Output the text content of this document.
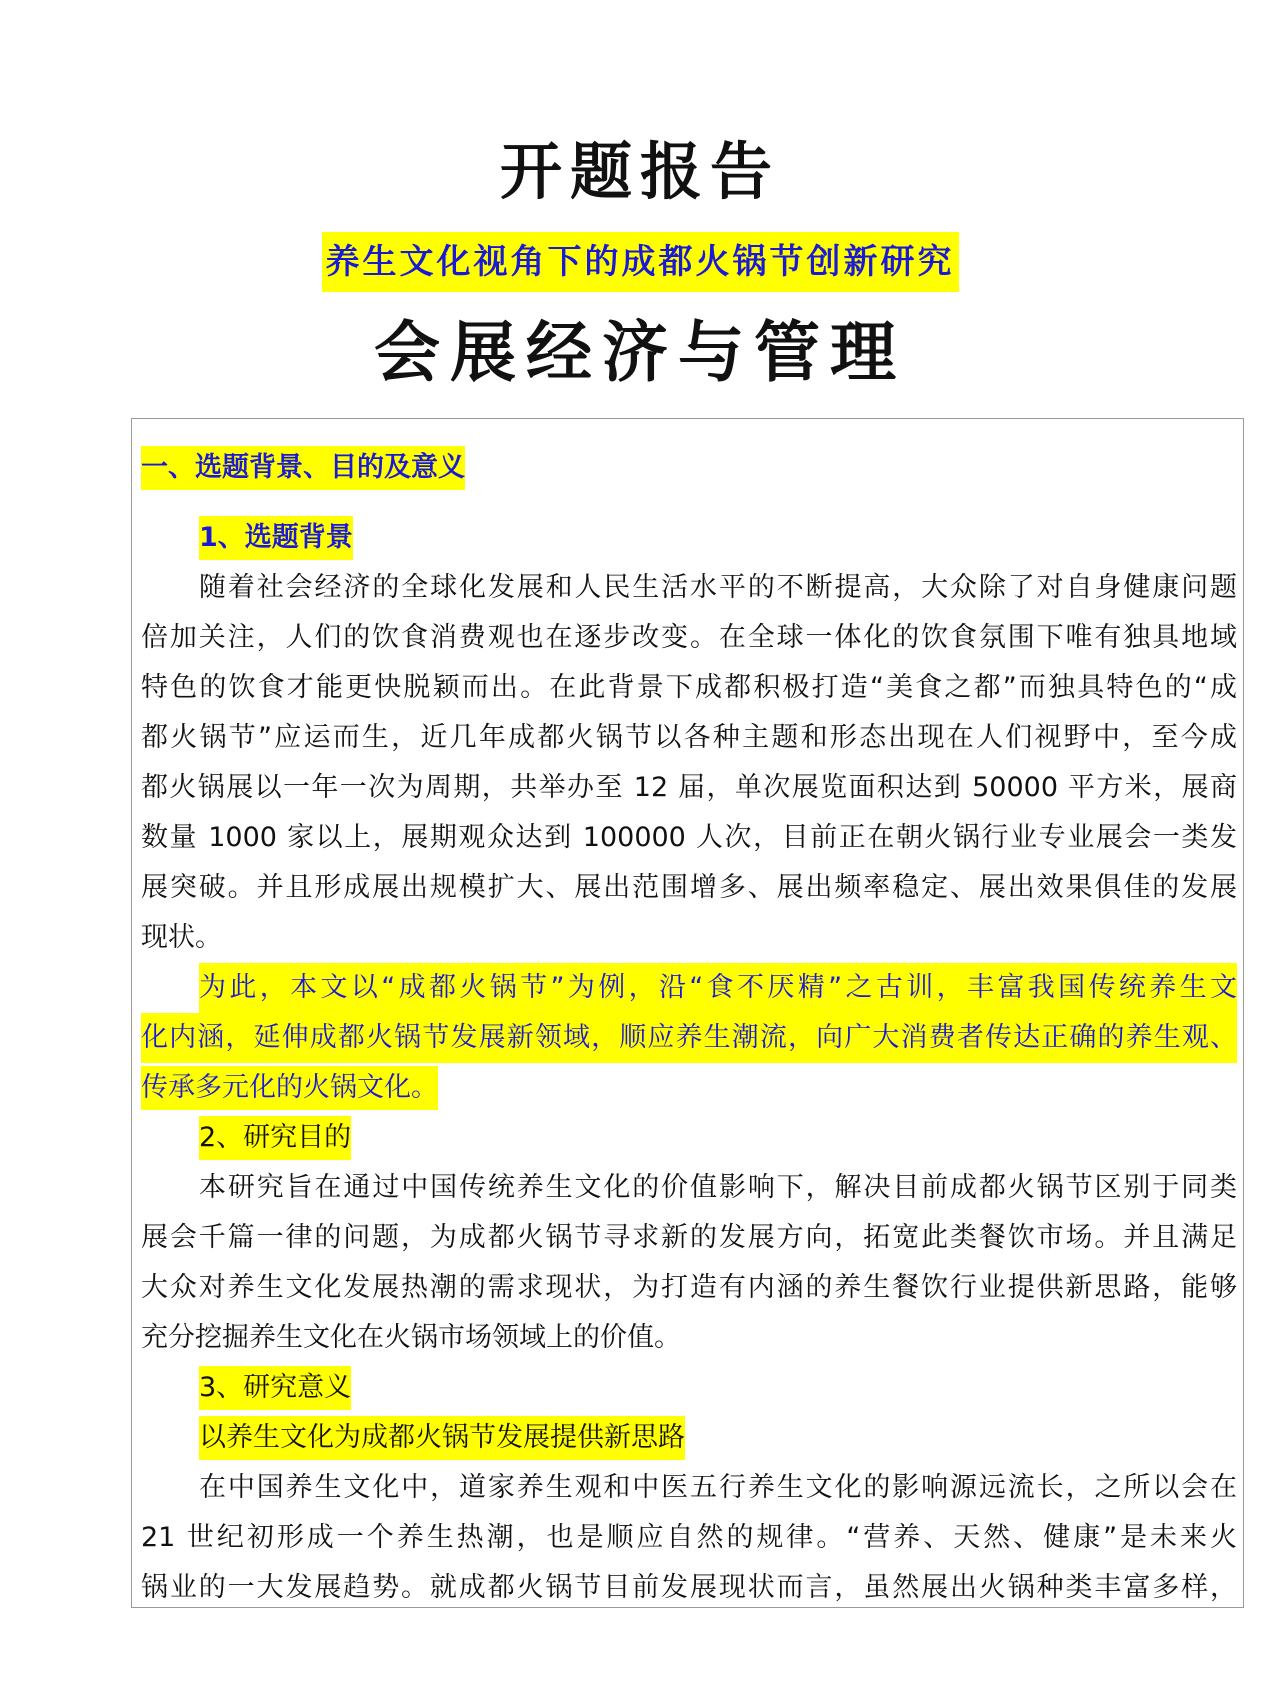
开题报告
养生文化视角下的成都火锅节创新研究
会展经济与管理
一、选题背景、目的及意义
1、选题背景
随着社会经济的全球化发展和人民生活水平的不断提高，大众除了对自身健康问题
倍加关注，人们的饮食消费观也在逐步改变。在全球一体化的饮食氛围下唯有独具地域
特色的饮食才能更快脱颖而出。在此背景下成都积极打造“美食之都”而独具特色的“成
都火锅节”应运而生，近几年成都火锅节以各种主题和形态出现在人们视野中，至今成
都火锅展以一年一次为周期，共举办至 12 届，单次展览面积达到 50000 平方米，展商
数量 1000 家以上，展期观众达到 100000 人次，目前正在朝火锅行业专业展会一类发
展突破。并且形成展出规模扩大、展出范围增多、展出频率稳定、展出效果俱佳的发展
现状。
为此，本文以“成都火锅节”为例，沿“食不厌精”之古训，丰富我国传统养生文
化内涵，延伸成都火锅节发展新领域，顺应养生潮流，向广大消费者传达正确的养生观、
传承多元化的火锅文化。
2、研究目的
本研究旨在通过中国传统养生文化的价值影响下，解决目前成都火锅节区别于同类
展会千篇一律的问题，为成都火锅节寻求新的发展方向，拓宽此类餐饮市场。并且满足
大众对养生文化发展热潮的需求现状，为打造有内涵的养生餐饮行业提供新思路，能够
充分挖掘养生文化在火锅市场领域上的价值。
3、研究意义
以养生文化为成都火锅节发展提供新思路
在中国养生文化中，道家养生观和中医五行养生文化的影响源远流长，之所以会在
21 世纪初形成一个养生热潮，也是顺应自然的规律。“营养、天然、健康”是未来火
锅业的一大发展趋势。就成都火锅节目前发展现状而言，虽然展出火锅种类丰富多样，
